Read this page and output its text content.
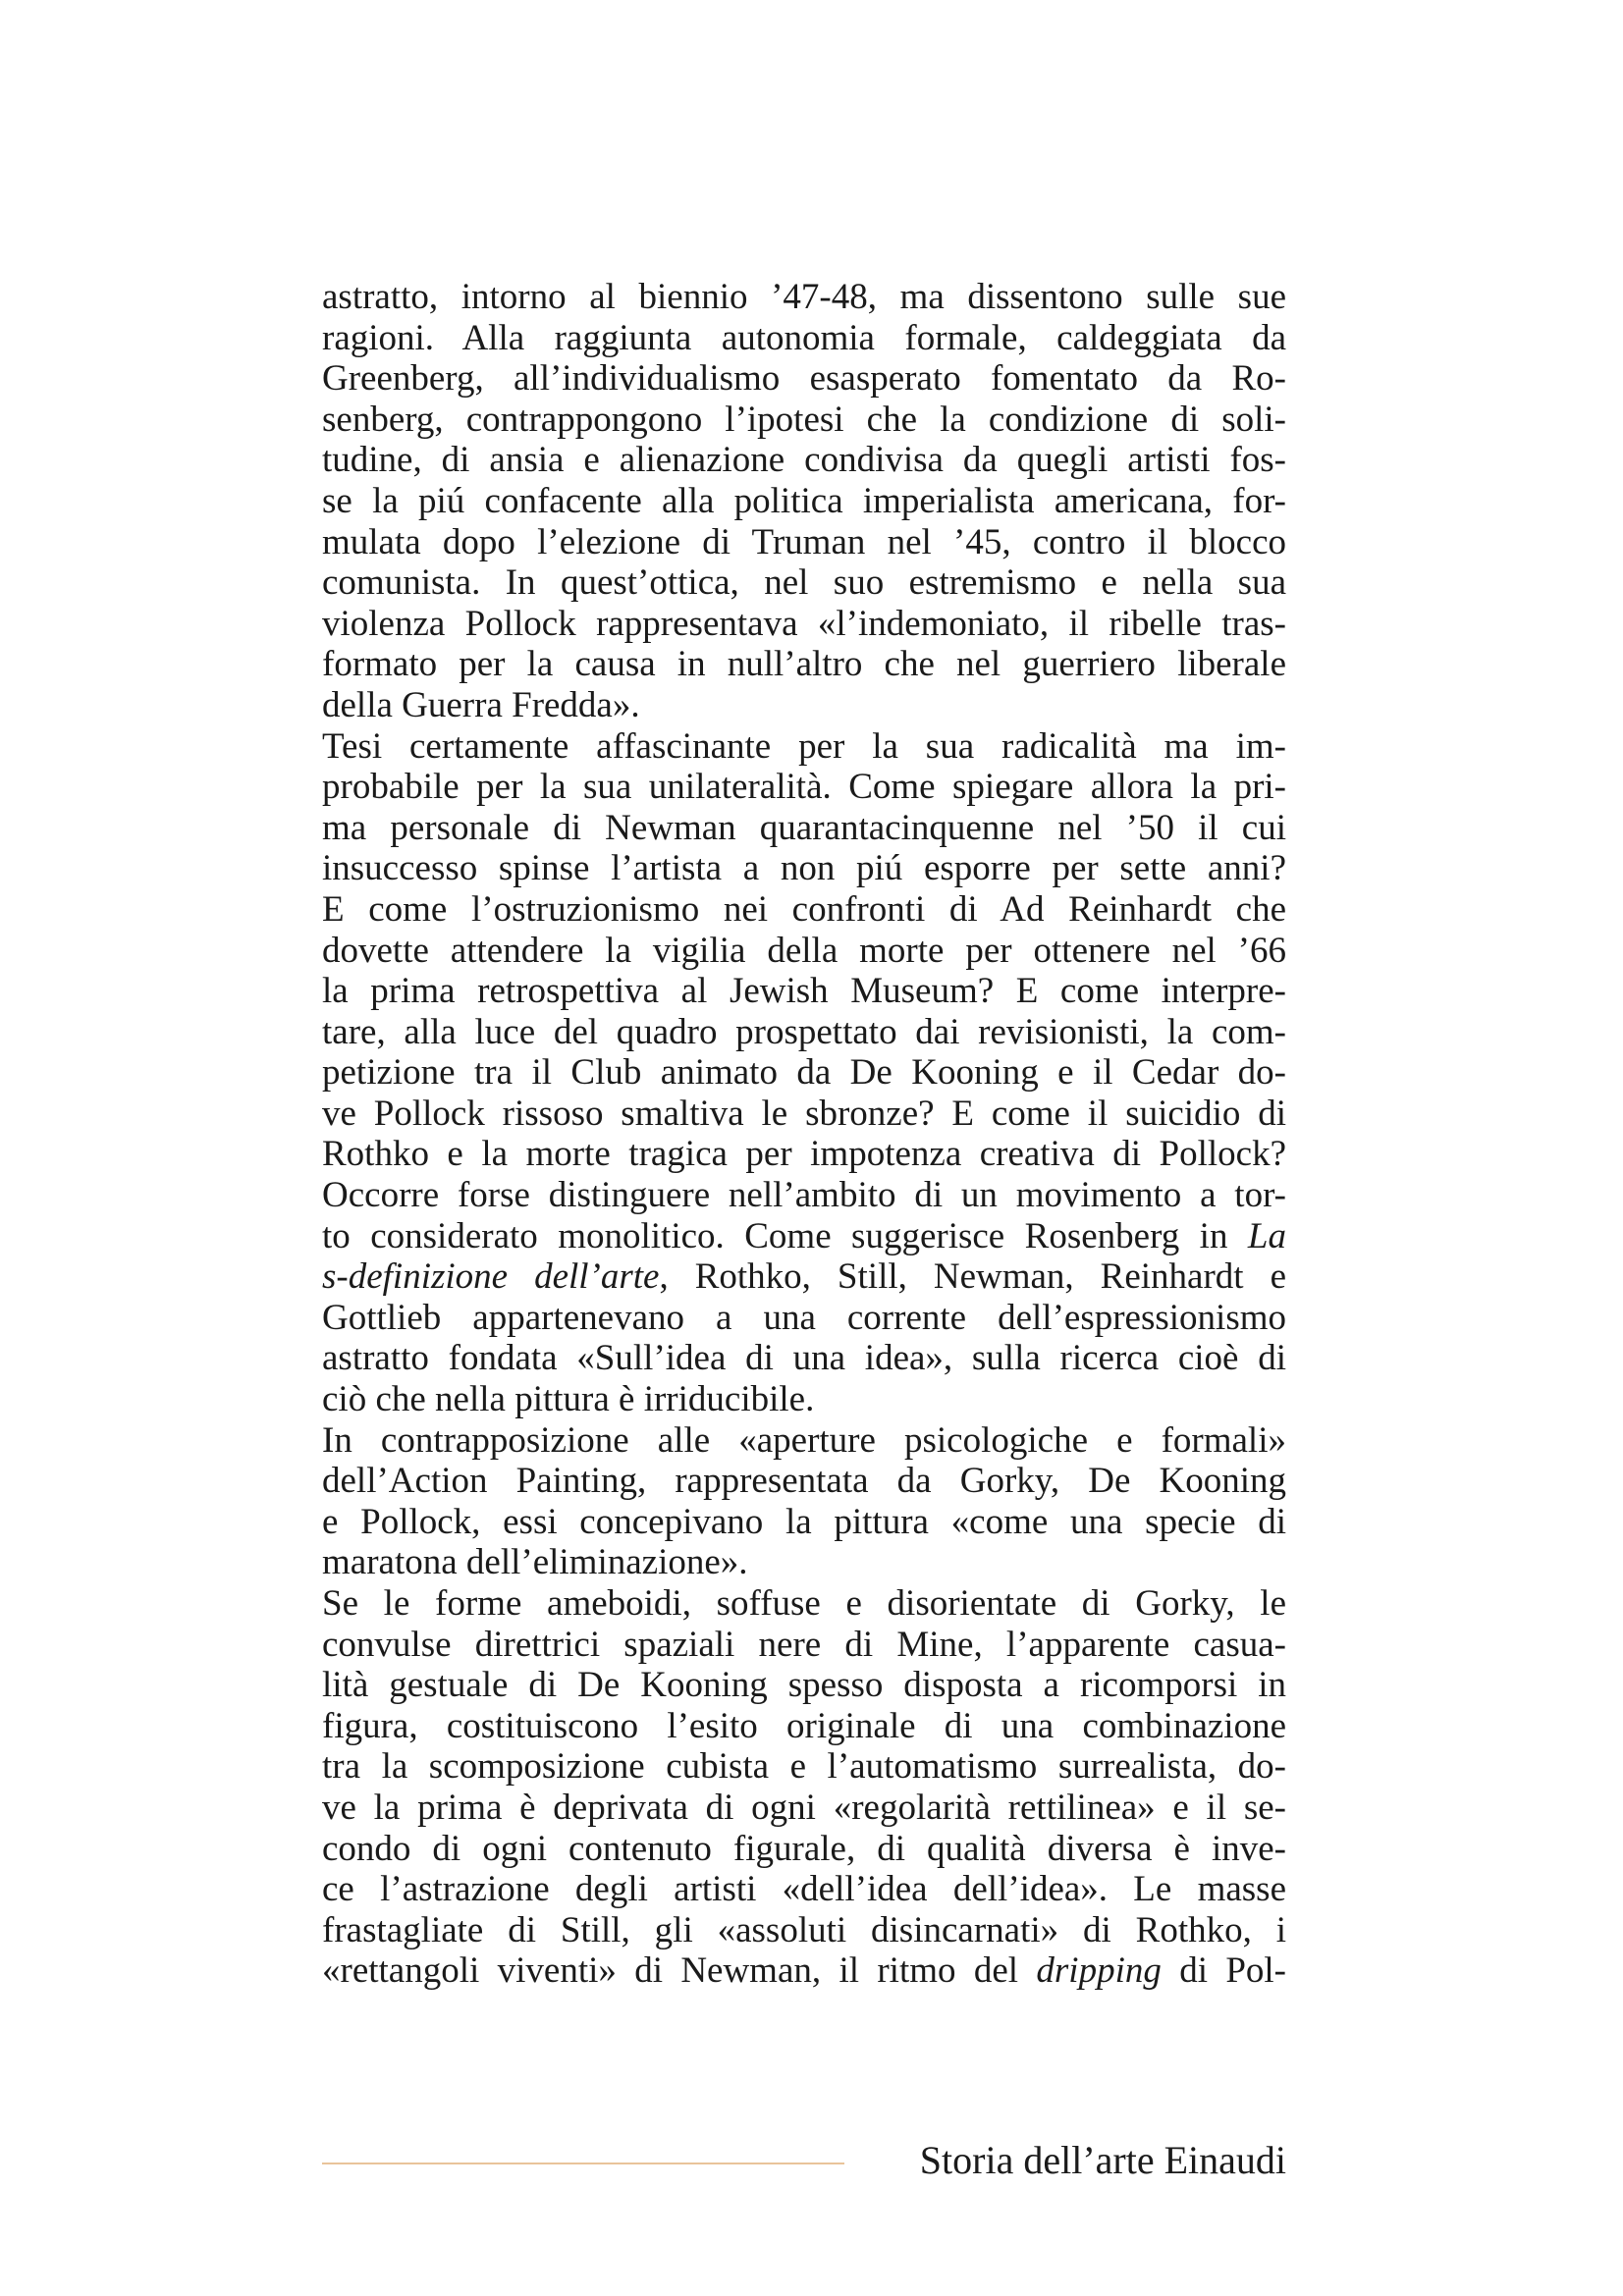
astratto, intorno al biennio ’47-48, ma dissentono sulle sue
ragioni. Alla raggiunta autonomia formale, caldeggiata da
Greenberg, all’individualismo esasperato fomentato da Ro-
senberg, contrappongono l’ipotesi che la condizione di soli-
tudine, di ansia e alienazione condivisa da quegli artisti fos-
se la piú confacente alla politica imperialista americana, for-
mulata dopo l’elezione di Truman nel ’45, contro il blocco
comunista. In quest’ottica, nel suo estremismo e nella sua
violenza Pollock rappresentava «l’indemoniato, il ribelle tras-
formato per la causa in null’altro che nel guerriero liberale
della Guerra Fredda».
Tesi certamente affascinante per la sua radicalità ma im-
probabile per la sua unilateralità. Come spiegare allora la pri-
ma personale di Newman quarantacinquenne nel ’50 il cui
insuccesso spinse l’artista a non piú esporre per sette anni?
E come l’ostruzionismo nei confronti di Ad Reinhardt che
dovette attendere la vigilia della morte per ottenere nel ’66
la prima retrospettiva al Jewish Museum? E come interpre-
tare, alla luce del quadro prospettato dai revisionisti, la com-
petizione tra il Club animato da De Kooning e il Cedar do-
ve Pollock rissoso smaltiva le sbronze? E come il suicidio di
Rothko e la morte tragica per impotenza creativa di Pollock?
Occorre forse distinguere nell’ambito di un movimento a tor-
to considerato monolitico. Come suggerisce Rosenberg in La
s-definizione dell’arte, Rothko, Still, Newman, Reinhardt e
Gottlieb appartenevano a una corrente dell’espressionismo
astratto fondata «Sull’idea di una idea», sulla ricerca cioè di
ciò che nella pittura è irriducibile.
In contrapposizione alle «aperture psicologiche e formali»
dell’Action Painting, rappresentata da Gorky, De Kooning
e Pollock, essi concepivano la pittura «come una specie di
maratona dell’eliminazione».
Se le forme ameboidi, soffuse e disorientate di Gorky, le
convulse direttrici spaziali nere di Mine, l’apparente casua-
lità gestuale di De Kooning spesso disposta a ricomporsi in
figura, costituiscono l’esito originale di una combinazione
tra la scomposizione cubista e l’automatismo surrealista, do-
ve la prima è deprivata di ogni «regolarità rettilinea» e il se-
condo di ogni contenuto figurale, di qualità diversa è inve-
ce l’astrazione degli artisti «dell’idea dell’idea». Le masse
frastagliate di Still, gli «assoluti disincarnati» di Rothko, i
«rettangoli viventi» di Newman, il ritmo del dripping di Pol-
Storia dell’arte Einaudi
